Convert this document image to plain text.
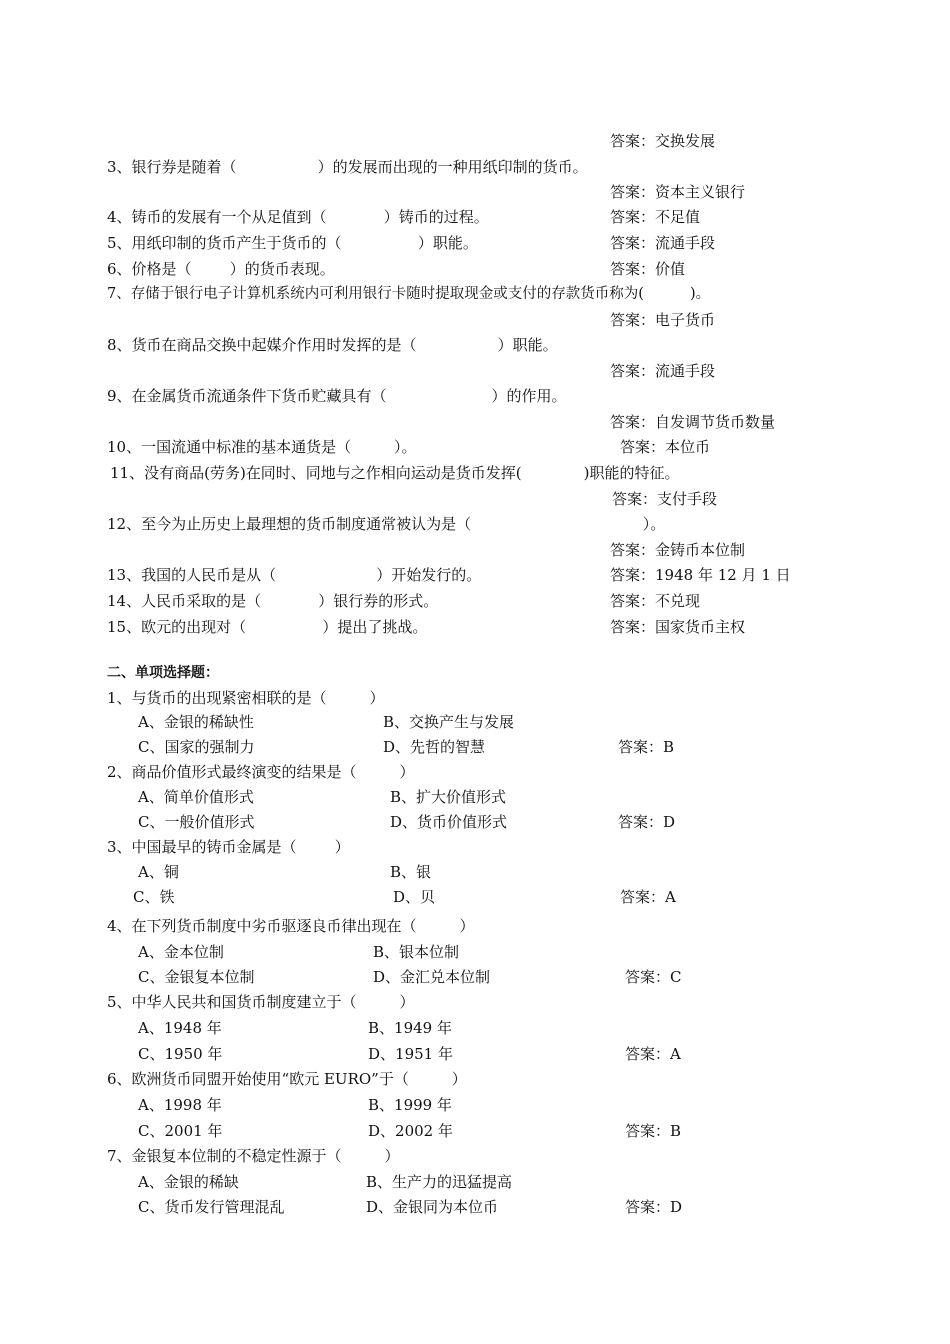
答案：交换发展
3、银行券是随着（                 ）的发展而出现的一种用纸印制的货币。
答案：资本主义银行
4、铸币的发展有一个从足值到（            ）铸币的过程。	答案：不足值
5、用纸印制的货币产生于货币的（                ）职能。	答案：流通手段
6、价格是（        ）的货币表现。	答案：价值
7、存储于银行电子计算机系统内可利用银行卡随时提取现金或支付的存款货币称为(          )。
答案：电子货币
8、货币在商品交换中起媒介作用时发挥的是（                 ）职能。
答案：流通手段
9、在金属货币流通条件下货币贮藏具有（                      ）的作用。
答案：自发调节货币数量
10、一国流通中标准的基本通货是（         ）。	答案：本位币
11、没有商品(劳务)在同时、同地与之作相向运动是货币发挥(             )职能的特征。
答案：支付手段
12、至今为止历史上最理想的货币制度通常被认为是（                                    ）。
答案：金铸币本位制
13、我国的人民币是从（                     ）开始发行的。	答案：1948 年 12 月 1 日
14、人民币采取的是（            ）银行券的形式。	答案：不兑现
15、欧元的出现对（                ）提出了挑战。	答案：国家货币主权
二、单项选择题：
1、与货币的出现紧密相联的是（         ）
A、金银的稀缺性	B、交换产生与发展
C、国家的强制力	D、先哲的智慧	答案：B
2、商品价值形式最终演变的结果是（         ）
A、简单价值形式	B、扩大价值形式
C、一般价值形式	D、货币价值形式	答案：D
3、中国最早的铸币金属是（        ）
A、铜	B、银
C、铁	D、贝	答案：A
4、在下列货币制度中劣币驱逐良币律出现在（         ）
A、金本位制	B、银本位制
C、金银复本位制	D、金汇兑本位制	答案：C
5、中华人民共和国货币制度建立于（         ）
A、1948 年	B、1949 年
C、1950 年	D、1951 年	答案：A
6、欧洲货币同盟开始使用“欧元 EURO”于（         ）
A、1998 年	B、1999 年
C、2001 年	D、2002 年	答案：B
7、金银复本位制的不稳定性源于（         ）
A、金银的稀缺	B、生产力的迅猛提高
C、货币发行管理混乱	D、金银同为本位币	答案：D
